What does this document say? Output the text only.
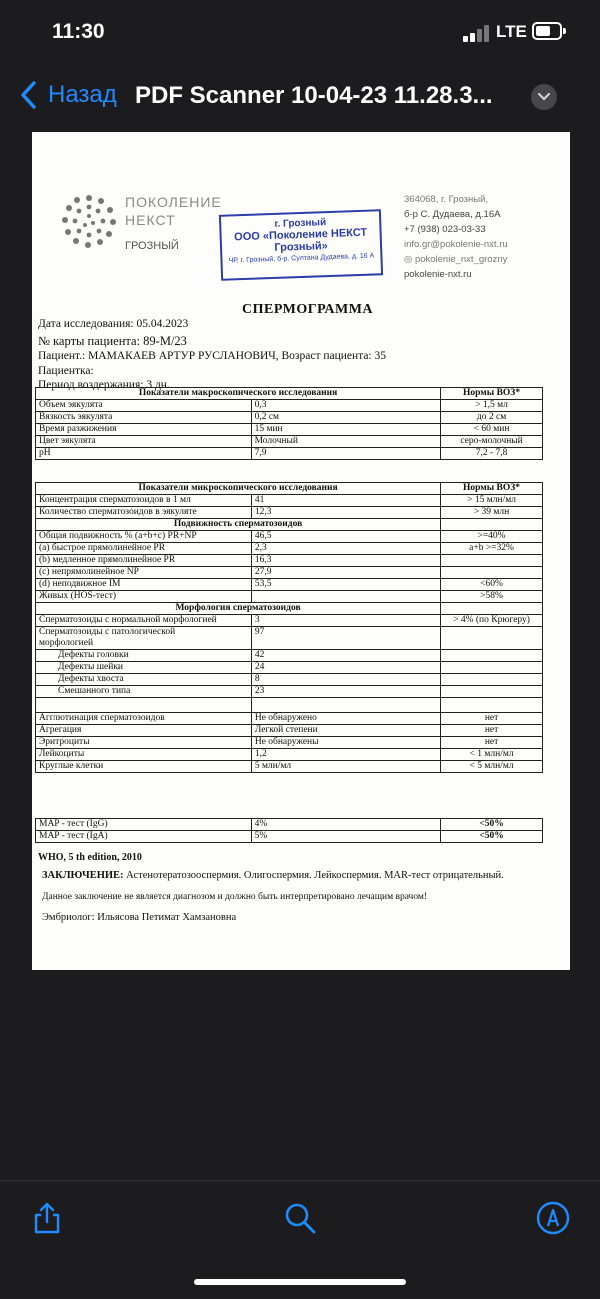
11:30	LTE
Назад PDF Scanner 10-04-23 11.28.3...
ПОКОЛЕНИЕ
НЕКСТ
ГРОЗНЫЙ
г. Грозный
ООО «Поколение НЕКСТ
Грозный»
ЧР, г. Грозный, б-р. Султана Дудаева, д. 16 А
364068, г. Грозный,
б-р С. Дудаева, д.16А
+7 (938) 023-03-33
info.gr@pokolenie-nxt.ru
◎ pokolenie_nxt_grozny
pokolenie-nxt.ru
СПЕРМОГРАММА
Дата исследования: 05.04.2023
№ карты пациента: 89-М/23
Пациент.: МАМАКАЕВ АРТУР РУСЛАНОВИЧ, Возраст пациента: 35
Пациентка:
Период воздержания: 3 дн.
Показатели макроскопического исследования		Нормы ВОЗ*
Объем эякулята	0,3	> 1,5 мл
Вязкость эякулята	0,2 см	до 2 см
Время разжижения	15 мин	< 60 мин
Цвет эякулята	Молочный	серо-молочный
pH	7,9	7,2 - 7,8
Показатели микроскопического исследования		Нормы ВОЗ*
Концентрация сперматозоидов в 1 мл	41	> 15 млн/мл
Количество сперматозоидов в эякуляте	12,3	> 39 млн
Подвижность сперматозоидов		
Общая подвижность % (a+b+c) PR+NP	46,5	>=40%
(а) быстрое прямолинейное PR	2,3	a+b >=32%
(b) медленное прямолинейное PR	16,3	
(c) непрямолинейное NP	27,9	
(d) неподвижное IM	53,5	<60%
Живых (HOS-тест)		>58%
Морфология сперматозоидов		
Сперматозоиды с нормальной морфологией	3	> 4% (по Крюгеру)
Сперматозоиды с патологической
морфологией	97	
Дефекты головки	42	
Дефекты шейки	24	
Дефекты хвоста	8	
Смешанного типа	23	

Агглютинация сперматозоидов	Не обнаружено	нет
Агрегация	Легкой степени	нет
Эритроциты	Не обнаружены	нет
Лейкоциты	1,2	< 1 млн/мл
Круглые клетки	5 млн/мл	< 5 млн/мл
MAP - тест (IgG)	4%	<50%
MAP - тест (IgA)	5%	<50%
WHO, 5 th edition, 2010
ЗАКЛЮЧЕНИЕ: Астенотератозооспермия. Олигоспермия. Лейкоспермия. MAR-тест отрицательный.
Данное заключение не является диагнозом и должно быть интерпретировано лечащим врачом!
Эмбриолог: Ильясова Петимат Хамзановна
